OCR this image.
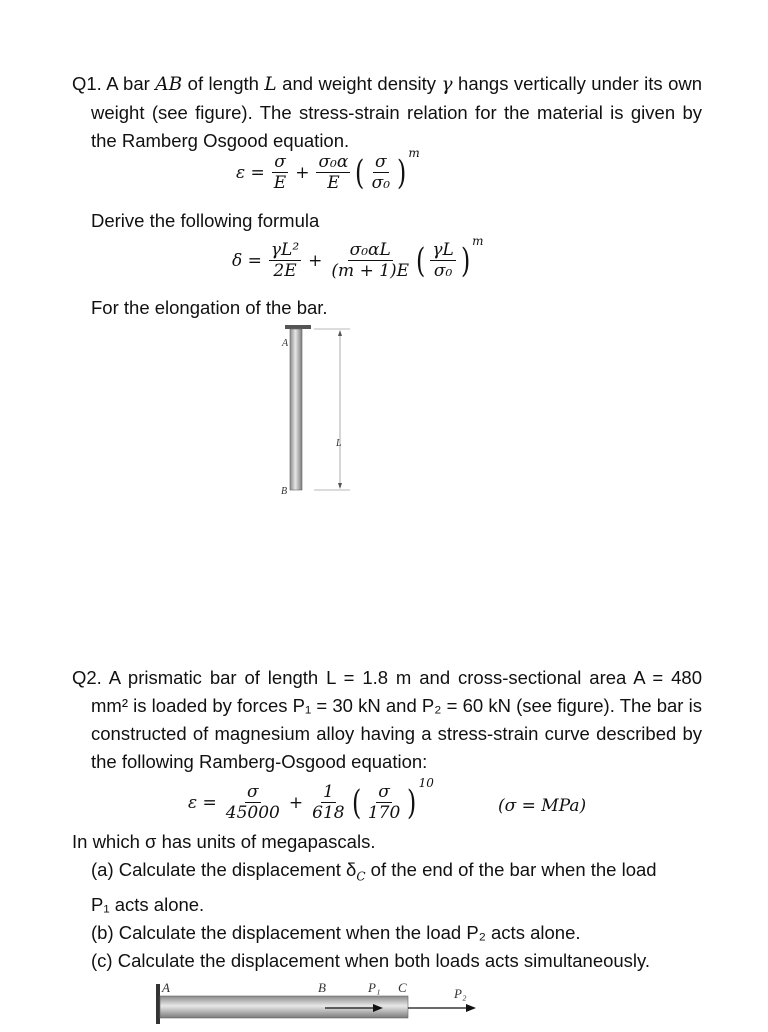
Q1. A bar AB of length L and weight density γ hangs vertically under its own weight (see figure). The stress-strain relation for the material is given by the Ramberg Osgood equation.

$\varepsilon = \frac{\sigma}{E} + \frac{\text{σ₀α}}{E}$ ( $\frac{\sigma}{\text{σ₀}}$ ) m

Derive the following formula

$\delta = \frac{\text{γL²}}{2E} + \frac{\text{σ₀αL}}{(m + 1)E}$ ( $\frac{\gamma L}{\text{σ₀}}$ ) m

For the elongation of the bar.

A
B
L

Q2. A prismatic bar of length L = 1.8 m and cross-sectional area A = 480 mm² is loaded by forces P₁ = 30 kN and P₂ = 60 kN (see figure). The bar is constructed of magnesium alloy having a stress-strain curve described by the following Ramberg-Osgood equation:

$\varepsilon = \frac{\sigma}{45000} + \frac{1}{618}$ ( $\frac{\sigma}{170}$ ) 10
(σ = MPa)

In which σ has units of megapascals.

(a) Calculate the displacement $\delta_C$ of the end of the bar when the load

P₁ acts alone.

(b) Calculate the displacement when the load P₂ acts alone.

(c) Calculate the displacement when both loads acts simultaneously.

A	B	P₁ C	P₂
